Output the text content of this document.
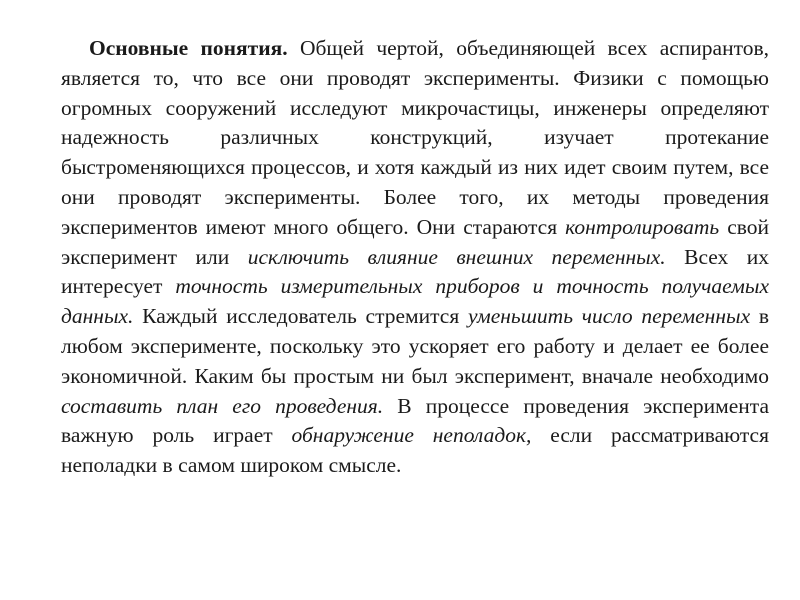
Основные понятия. Общей чертой, объединяющей всех аспирантов, является то, что все они проводят эксперименты. Физики с помощью огромных сооружений исследуют микрочастицы, инженеры определяют надежность различных конструкций, изучает протекание быстроменяющихся процессов, и хотя каждый из них идет своим путем, все они проводят эксперименты. Более того, их методы проведения экспериментов имеют много общего. Они стараются контролировать свой эксперимент или исключить влияние внешних переменных. Всех их интересует точность измерительных приборов и точность получаемых данных. Каждый исследователь стремится уменьшить число переменных в любом эксперименте, поскольку это ускоряет его работу и делает ее более экономичной. Каким бы простым ни был эксперимент, вначале необходимо составить план его проведения. В процессе проведения эксперимента важную роль играет обнаружение неполадок, если рассматриваются неполадки в самом широком смысле.
